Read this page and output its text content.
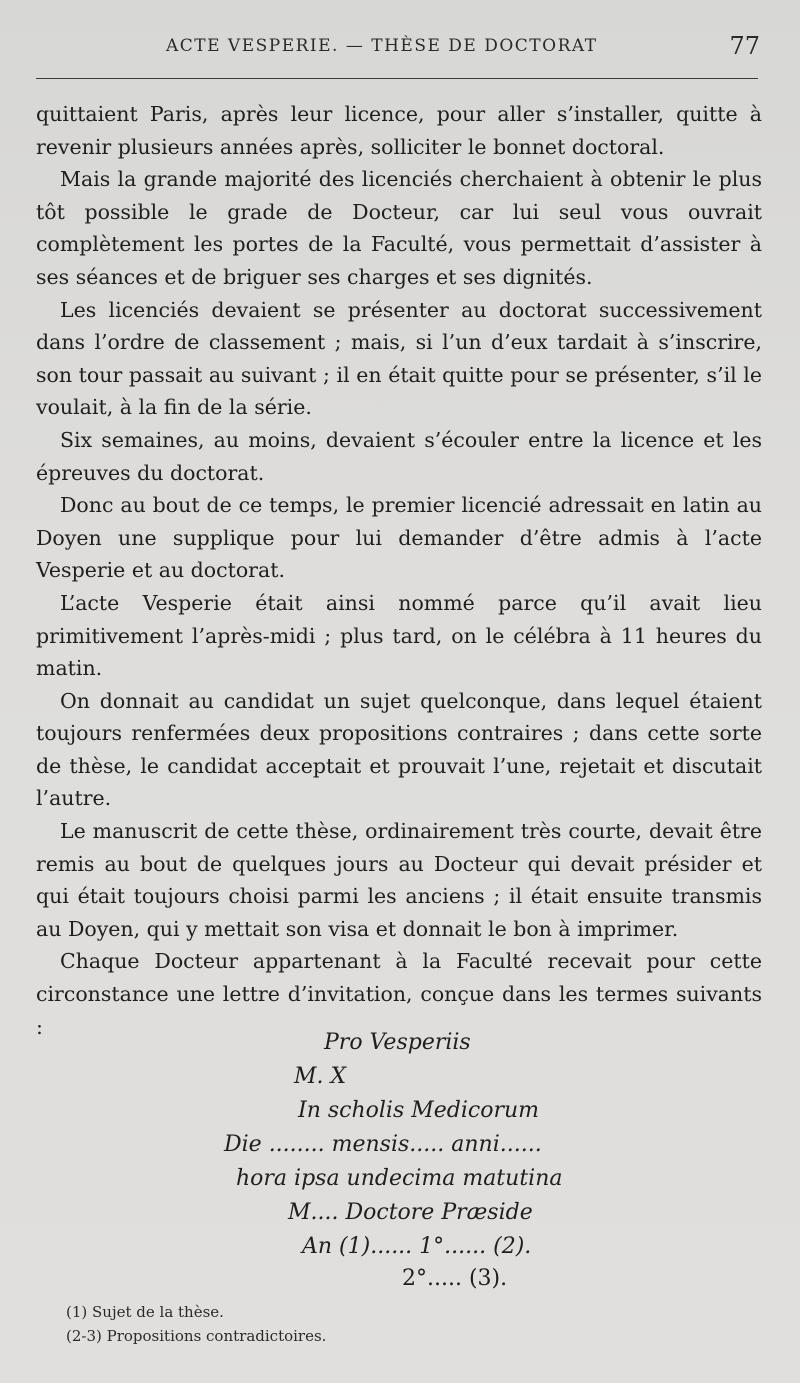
ACTE VESPERIE. — THÈSE DE DOCTORAT	77

quittaient Paris, après leur licence, pour aller s’installer, quitte à revenir plusieurs années après, solliciter le bonnet doctoral.

Mais la grande majorité des licenciés cherchaient à obtenir le plus tôt possible le grade de Docteur, car lui seul vous ouvrait complètement les portes de la Faculté, vous permettait d’assister à ses séances et de briguer ses charges et ses dignités.

Les licenciés devaient se présenter au doctorat successivement dans l’ordre de classement ; mais, si l’un d’eux tardait à s’inscrire, son tour passait au suivant ; il en était quitte pour se présenter, s’il le voulait, à la fin de la série.

Six semaines, au moins, devaient s’écouler entre la licence et les épreuves du doctorat.

Donc au bout de ce temps, le premier licencié adressait en latin au Doyen une supplique pour lui demander d’être admis à l’acte Vesperie et au doctorat.

L’acte Vesperie était ainsi nommé parce qu’il avait lieu primitivement l’après-midi ; plus tard, on le célébra à 11 heures du matin.

On donnait au candidat un sujet quelconque, dans lequel étaient toujours renfermées deux propositions contraires ; dans cette sorte de thèse, le candidat acceptait et prouvait l’une, rejetait et discutait l’autre.

Le manuscrit de cette thèse, ordinairement très courte, devait être remis au bout de quelques jours au Docteur qui devait présider et qui était toujours choisi parmi les anciens ; il était ensuite transmis au Doyen, qui y mettait son visa et donnait le bon à imprimer.

Chaque Docteur appartenant à la Faculté recevait pour cette circonstance une lettre d’invitation, conçue dans les termes suivants :

Pro Vesperiis
M. X
In scholis Medicorum
Die ........ mensis..... anni......
hora ipsa undecima matutina
M.... Doctore Præside
An (1)...... 1°...... (2).
2°..... (3).
(1) Sujet de la thèse.
(2-3) Propositions contradictoires.
